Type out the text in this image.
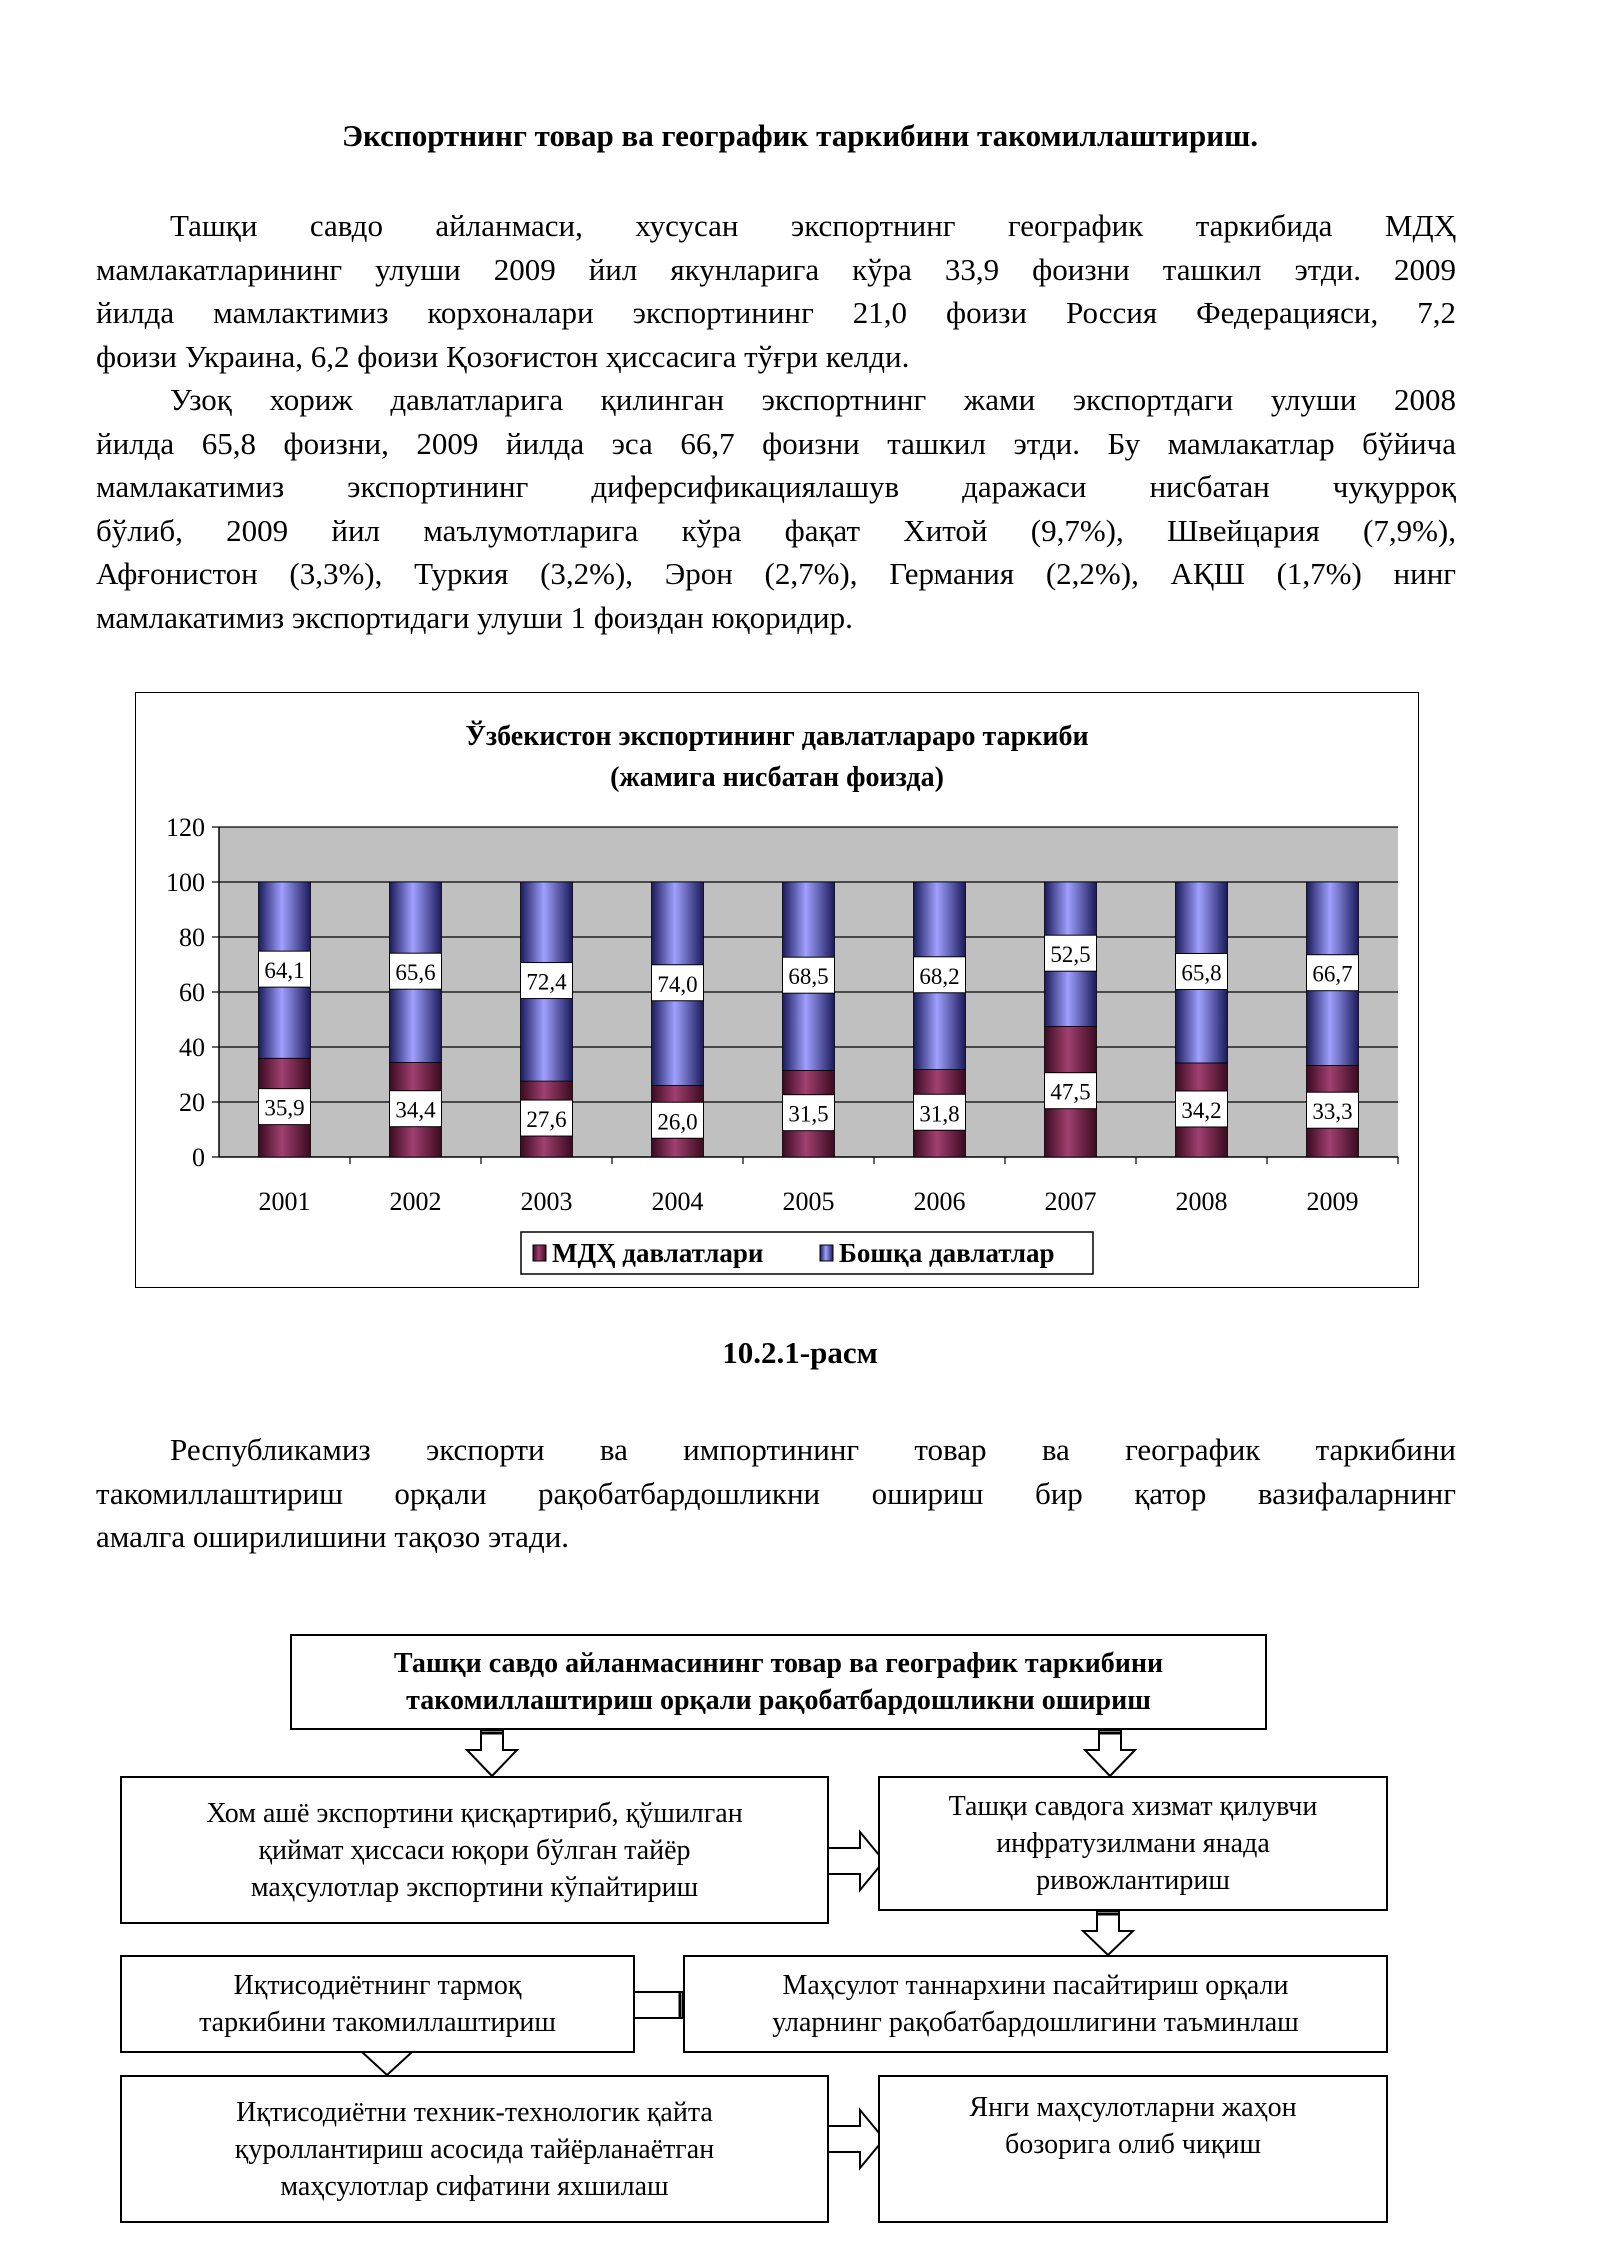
Экспортнинг товар ва географик таркибини такомиллаштириш.

Ташқи савдо айланмаси, хусусан экспортнинг географик таркибида МДҲ
мамлакатларининг улуши 2009 йил якунларига кўра 33,9 фоизни ташкил этди. 2009
йилда мамлактимиз корхоналари экспортининг 21,0 фоизи Россия Федерацияси, 7,2
фоизи Украина, 6,2 фоизи Қозоғистон ҳиссасига тўғри келди.

Узоқ хориж давлатларига қилинган экспортнинг жами экспортдаги улуши 2008
йилда 65,8 фоизни, 2009 йилда эса 66,7 фоизни ташкил этди. Бу мамлакатлар бўйича
мамлакатимиз экспортининг диферсификациялашув даражаси нисбатан чуқурроқ
бўлиб, 2009 йил маълумотларига кўра фақат Хитой (9,7%), Швейцария (7,9%),
Афғонистон (3,3%), Туркия (3,2%), Эрон (2,7%), Германия (2,2%), АҚШ (1,7%) нинг
мамлакатимиз экспортидаги улуши 1 фоиздан юқоридир.

Ўзбекистон экспортининг давлатлараро таркиби
(жамига нисбатан фоизда)
0
20
40
60
80
100
120
2001
35,9
64,1
2002
34,4
65,6
2003
27,6
72,4
2004
26,0
74,0
2005
31,5
68,5
2006
31,8
68,2
2007
47,5
52,5
2008
34,2
65,8
2009
33,3
66,7
МДҲ давлатлари	Бошқа давлатлар
10.2.1-расм

Республикамиз экспорти ва импортининг товар ва географик таркибини
такомиллаштириш орқали рақобатбардошликни ошириш бир қатор вазифаларнинг
амалга оширилишини тақозо этади.

Ташқи савдо айланмасининг товар ва географик таркибини
такомиллаштириш орқали рақобатбардошликни ошириш
Хом ашё экспортини қисқартириб, қўшилган
қиймат ҳиссаси юқори бўлган тайёр
маҳсулотлар экспортини кўпайтириш
Ташқи савдога хизмат қилувчи
инфратузилмани янада
ривожлантириш
Иқтисодиётнинг тармоқ
таркибини такомиллаштириш
Маҳсулот таннархини пасайтириш орқали
уларнинг рақобатбардошлигини таъминлаш
Иқтисодиётни техник-технологик қайта
қуроллантириш асосида тайёрланаётган
маҳсулотлар сифатини яхшилаш
Янги маҳсулотларни жаҳон
бозорига олиб чиқиш
